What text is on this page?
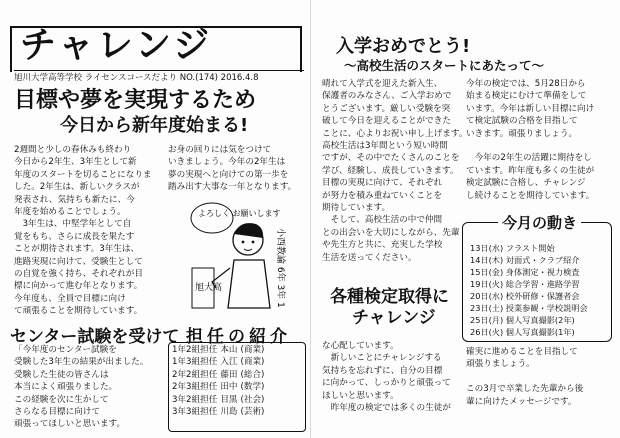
チャレンジ
旭川大学高等学校 ライセンスコースだより NO.(174) 2016.4.8
目標や夢を実現するため
今日から新年度始まる!

2週間と少しの春休みも終わり

今日から2年生、3年生として新

年度のスタートを切ることになりま

した。2年生は、新しいクラスが

発表され、気持ちも新たに、今

年度を始めることでしょう。

　3年生は、中堅学年として自

覚をもち、さらに成長を果たす

ことが期待されます。3年生は、

進路実現に向けて、受験生として

の自覚を強く持ち、それぞれが目

標に向かって進む年となります。

今年度も、全員で目標に向け

て頑張ることを期待しています。

お身の回りには気をつけて

いきましょう。今年の2年生は

夢の実現へと向けての第一歩を

踏み出す大事な一年となります。

よろしく お願いします
旭大高	小西教諭 6年 3年 1
センター試験を受けて

「今年度のセンター試験を

受験した3年生の結果が出ました。

受験した生徒の皆さんは

本当によく頑張りました。

この経験を次に生かして

さらなる目標に向けて

頑張ってほしいと思います。

担任の紹介
1年2組担任	本山	(商業)
1年3組担任	入江	(商業)
2年2組担任	藤田	(総合)
2年3組担任	田中	(数学)
3年2組担任	目黒	(社会)
3年3組担任	川島	(芸術)
入学おめでとう!
～高校生活のスタートにあたって～

晴れて入学式を迎えた新入生、

保護者のみなさん、ご入学おめで

とうございます。厳しい受験を突

破して今日を迎えることができた

ことに、心よりお祝い申し上げます。

高校生活は3年間という短い時間

ですが、その中でたくさんのことを

学び、経験し、成長していきます。

目標の実現に向けて、それぞれ

が努力を積み重ねていくことを

期待しています。

　そして、高校生活の中で仲間

との出会いを大切にしながら、先輩

や先生方と共に、充実した学校

生活を送ってください。

今年の検定では、5月28日から

始まる検定にむけて準備をして

います。今年は新しい目標に向け

て検定試験の合格を目指して

いきます。頑張りましょう。

　今年の2年生の活躍に期待をし

ています。昨年度も多くの生徒が

検定試験に合格し、チャレンジ

し続けることを期待しています。

各種検定取得に
チャレンジ

な心配しています。

　新しいことにチャレンジする

気持ちを忘れずに、自分の目標

に向かって、しっかりと頑張って

ほしいと思います。

　昨年度の検定では多くの生徒が

今月の動き

13日(水) フラスト開始

14日(木) 対面式・クラブ紹介

15日(金) 身体測定・視力検査

19日(火) 総合学習・進路学習

20日(水) 校外研修・保護者会

23日(土) 授業参観・学校説明会

25日(月) 個人写真撮影(2年)

26日(火) 個人写真撮影(1年)

確実に進めることを目指して

頑張りましょう。

この3月で卒業した先輩から後

輩に向けたメッセージです。
